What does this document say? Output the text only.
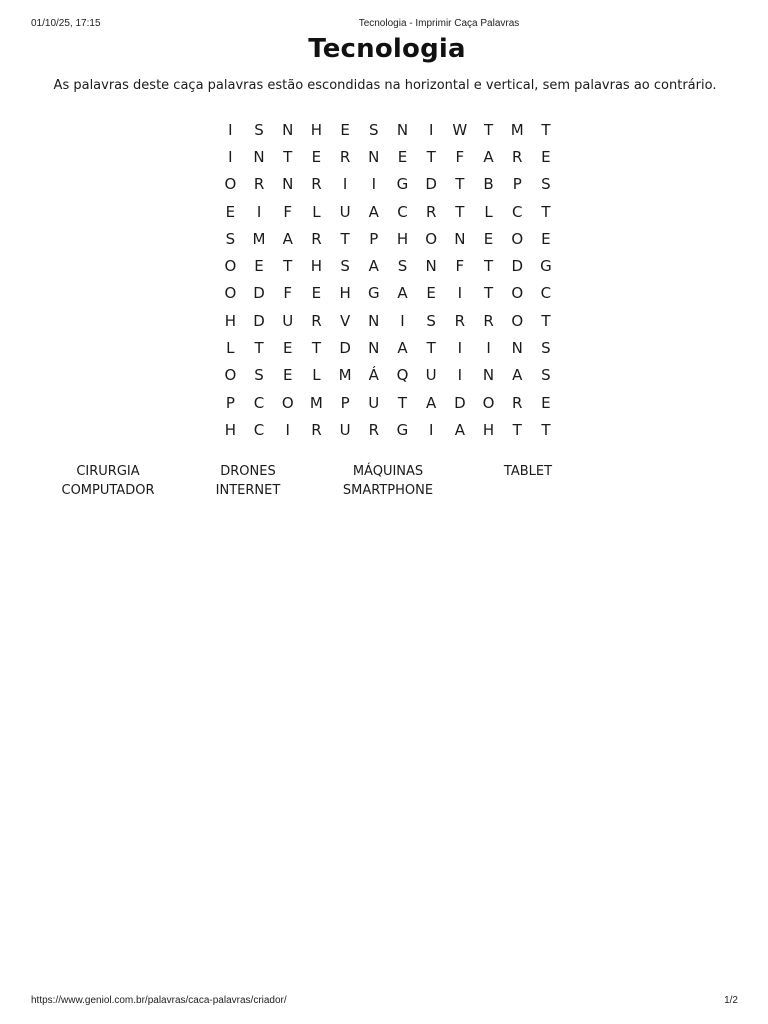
01/10/25, 17:15	Tecnologia - Imprimir Caça Palavras
Tecnologia

As palavras deste caça palavras estão escondidas na horizontal e vertical, sem palavras ao contrário.

I	S	N	H	E	S	N	I	W	T	M	T
I	N	T	E	R	N	E	T	F	A	R	E
O	R	N	R	I	I	G	D	T	B	P	S
E	I	F	L	U	A	C	R	T	L	C	T
S	M	A	R	T	P	H	O	N	E	O	E
O	E	T	H	S	A	S	N	F	T	D	G
O	D	F	E	H	G	A	E	I	T	O	C
H	D	U	R	V	N	I	S	R	R	O	T
L	T	E	T	D	N	A	T	I	I	N	S
O	S	E	L	M	Á	Q	U	I	N	A	S
P	C	O	M	P	U	T	A	D	O	R	E
H	C	I	R	U	R	G	I	A	H	T	T
CIRURGIA	DRONES	MÁQUINAS	TABLET
COMPUTADOR	INTERNET	SMARTPHONE
https://www.geniol.com.br/palavras/caca-palavras/criador/	1/2
